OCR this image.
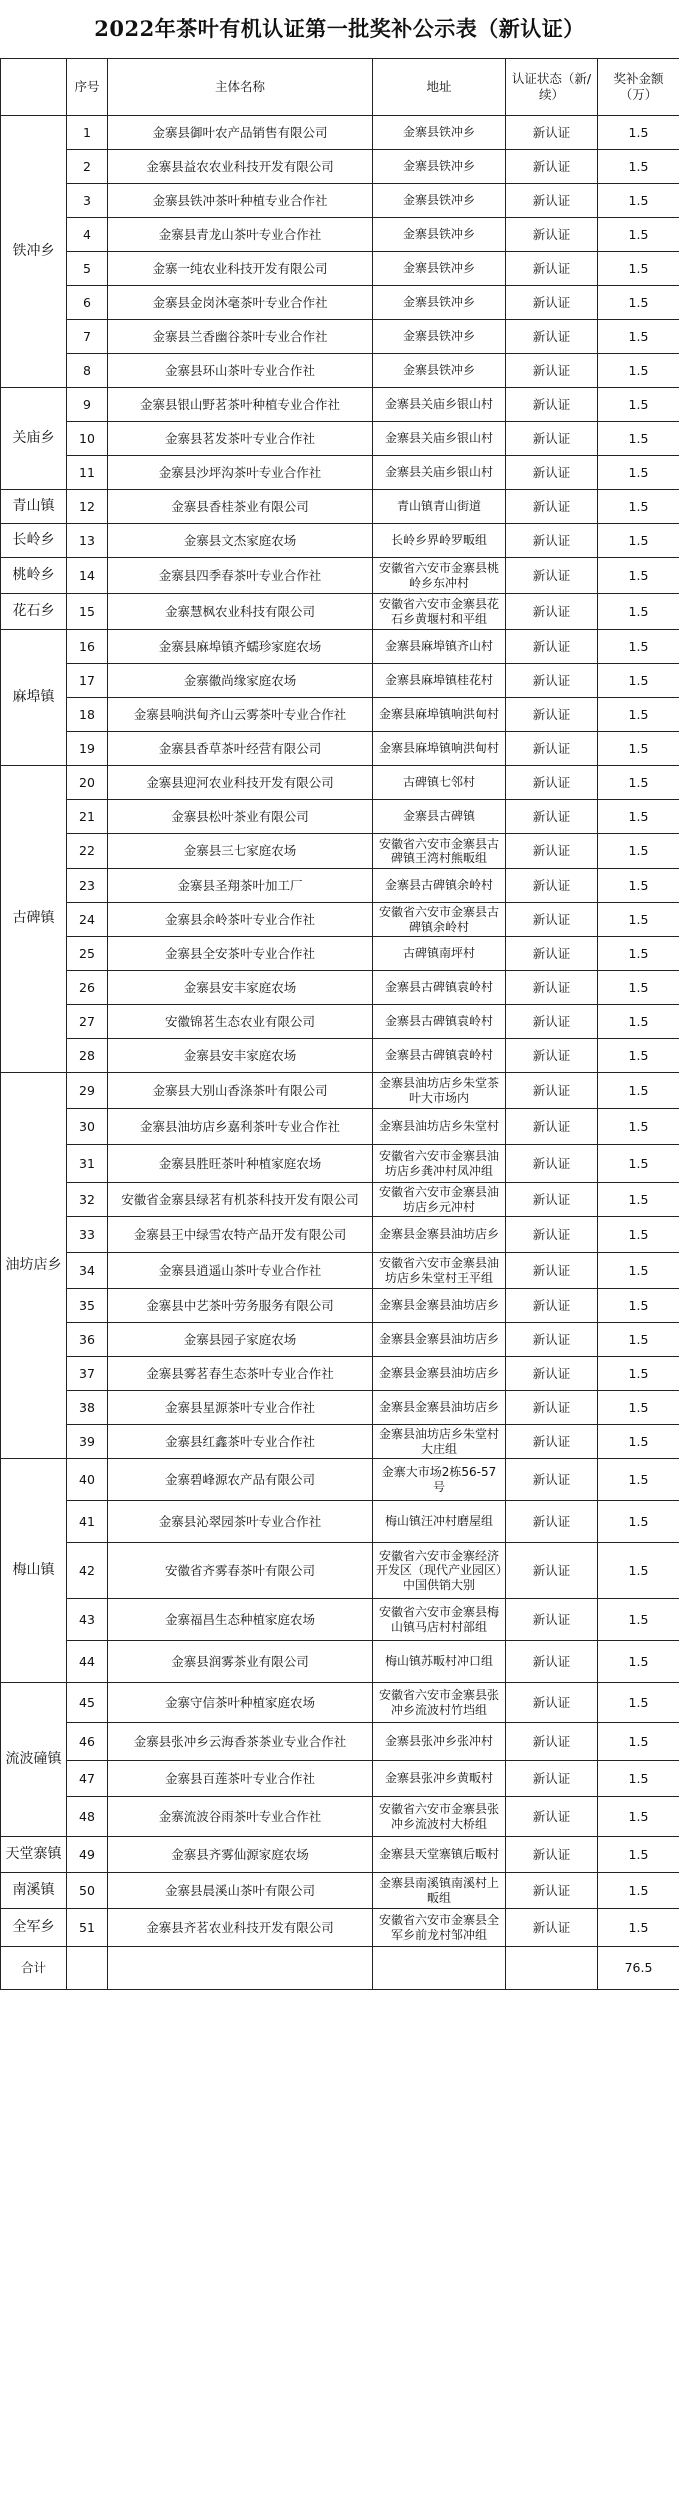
2022年茶叶有机认证第一批奖补公示表（新认证）
	序号	主体名称	地址	认证状态（新/续）	奖补金额（万）
铁冲乡	1	金寨县御叶农产品销售有限公司	金寨县铁冲乡	新认证	1.5
	2	金寨县益农农业科技开发有限公司	金寨县铁冲乡	新认证	1.5
	3	金寨县铁冲茶叶种植专业合作社	金寨县铁冲乡	新认证	1.5
	4	金寨县青龙山茶叶专业合作社	金寨县铁冲乡	新认证	1.5
	5	金寨一纯农业科技开发有限公司	金寨县铁冲乡	新认证	1.5
	6	金寨县金岗沐毫茶叶专业合作社	金寨县铁冲乡	新认证	1.5
	7	金寨县兰香幽谷茶叶专业合作社	金寨县铁冲乡	新认证	1.5
	8	金寨县环山茶叶专业合作社	金寨县铁冲乡	新认证	1.5
关庙乡	9	金寨县银山野茗茶叶种植专业合作社	金寨县关庙乡银山村	新认证	1.5
	10	金寨县茗发茶叶专业合作社	金寨县关庙乡银山村	新认证	1.5
	11	金寨县沙坪沟茶叶专业合作社	金寨县关庙乡银山村	新认证	1.5
青山镇	12	金寨县香桂茶业有限公司	青山镇青山街道	新认证	1.5
长岭乡	13	金寨县文杰家庭农场	长岭乡界岭罗畈组	新认证	1.5
桃岭乡	14	金寨县四季春茶叶专业合作社	安徽省六安市金寨县桃岭乡东冲村	新认证	1.5
花石乡	15	金寨慧枫农业科技有限公司	安徽省六安市金寨县花石乡黄堰村和平组	新认证	1.5
麻埠镇	16	金寨县麻埠镇齐蠕珍家庭农场	金寨县麻埠镇齐山村	新认证	1.5
	17	金寨徽尚缘家庭农场	金寨县麻埠镇桂花村	新认证	1.5
	18	金寨县响洪甸齐山云雾茶叶专业合作社	金寨县麻埠镇响洪甸村	新认证	1.5
	19	金寨县香草茶叶经营有限公司	金寨县麻埠镇响洪甸村	新认证	1.5
古碑镇	20	金寨县迎河农业科技开发有限公司	古碑镇七邻村	新认证	1.5
	21	金寨县松叶茶业有限公司	金寨县古碑镇	新认证	1.5
	22	金寨县三七家庭农场	安徽省六安市金寨县古碑镇王湾村熊畈组	新认证	1.5
	23	金寨县圣翔茶叶加工厂	金寨县古碑镇余岭村	新认证	1.5
	24	金寨县余岭茶叶专业合作社	安徽省六安市金寨县古碑镇余岭村	新认证	1.5
	25	金寨县全安茶叶专业合作社	古碑镇南坪村	新认证	1.5
	26	金寨县安丰家庭农场	金寨县古碑镇袁岭村	新认证	1.5
	27	安徽锦茗生态农业有限公司	金寨县古碑镇袁岭村	新认证	1.5
	28	金寨县安丰家庭农场	金寨县古碑镇袁岭村	新认证	1.5
油坊店乡	29	金寨县大别山香涤茶叶有限公司	金寨县油坊店乡朱堂茶叶大市场内	新认证	1.5
	30	金寨县油坊店乡嘉利茶叶专业合作社	金寨县油坊店乡朱堂村	新认证	1.5
	31	金寨县胜旺茶叶种植家庭农场	安徽省六安市金寨县油坊店乡龚冲村凤冲组	新认证	1.5
	32	安徽省金寨县绿茗有机茶科技开发有限公司	安徽省六安市金寨县油坊店乡元冲村	新认证	1.5
	33	金寨县王中绿雪农特产品开发有限公司	金寨县金寨县油坊店乡	新认证	1.5
	34	金寨县逍遥山茶叶专业合作社	安徽省六安市金寨县油坊店乡朱堂村王平组	新认证	1.5
	35	金寨县中艺茶叶劳务服务有限公司	金寨县金寨县油坊店乡	新认证	1.5
	36	金寨县园子家庭农场	金寨县金寨县油坊店乡	新认证	1.5
	37	金寨县雾茗春生态茶叶专业合作社	金寨县金寨县油坊店乡	新认证	1.5
	38	金寨县星源茶叶专业合作社	金寨县金寨县油坊店乡	新认证	1.5
	39	金寨县红鑫茶叶专业合作社	金寨县油坊店乡朱堂村大庄组	新认证	1.5
梅山镇	40	金寨碧峰源农产品有限公司	金寨大市场2栋56-57号	新认证	1.5
	41	金寨县沁翠园茶叶专业合作社	梅山镇汪冲村磨屋组	新认证	1.5
	42	安徽省齐雾春茶叶有限公司	安徽省六安市金寨经济开发区（现代产业园区）中国供销大别	新认证	1.5
	43	金寨福昌生态种植家庭农场	安徽省六安市金寨县梅山镇马店村村部组	新认证	1.5
	44	金寨县润雾茶业有限公司	梅山镇苏畈村冲口组	新认证	1.5
流波䃥镇	45	金寨守信茶叶种植家庭农场	安徽省六安市金寨县张冲乡流波村竹垱组	新认证	1.5
	46	金寨县张冲乡云海香茶茶业专业合作社	金寨县张冲乡张冲村	新认证	1.5
	47	金寨县百莲茶叶专业合作社	金寨县张冲乡黄畈村	新认证	1.5
	48	金寨流波谷雨茶叶专业合作社	安徽省六安市金寨县张冲乡流波村大桥组	新认证	1.5
天堂寨镇	49	金寨县齐雾仙源家庭农场	金寨县天堂寨镇后畈村	新认证	1.5
南溪镇	50	金寨县晨溪山茶叶有限公司	金寨县南溪镇南溪村上畈组	新认证	1.5
全军乡	51	金寨县齐茗农业科技开发有限公司	安徽省六安市金寨县全军乡前龙村邹冲组	新认证	1.5
合计					76.5
